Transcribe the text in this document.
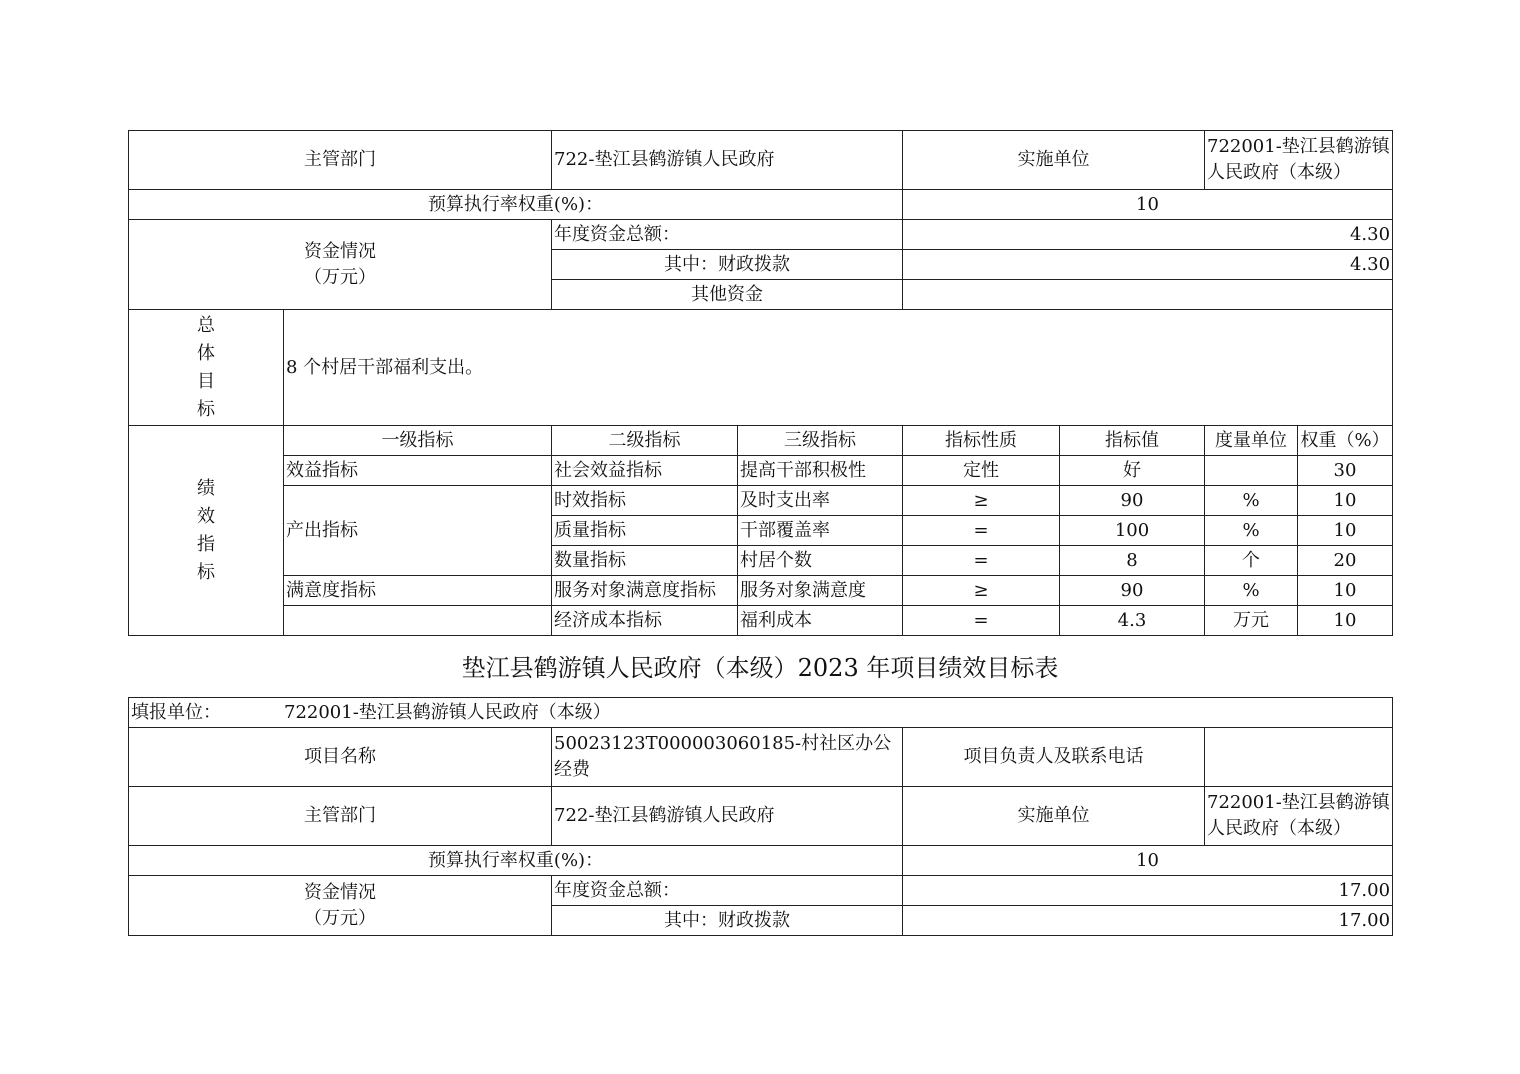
主管部门		722-垫江县鹤游镇人民政府		实施单位		722001-垫江县鹤游镇人民政府（本级）	
预算执行率权重(%)：				10			

资金情况
（万元）		年度资金总额：		4.30			
		其中：财政拨款		4.30			
		其他资金					

总
体
目
标	8 个村居干部福利支出。						

绩
效
指
标	一级指标	二级指标	三级指标	指标性质	指标值	度量单位	权重（%）
	效益指标	社会效益指标	提高干部积极性	定性	好		30
	产出指标	时效指标	及时支出率	≥	90	%	10
		质量指标	干部覆盖率	=	100	%	10
		数量指标	村居个数	=	8	个	20
	满意度指标	服务对象满意度指标	服务对象满意度	≥	90	%	10
		经济成本指标	福利成本	=	4.3	万元	10
垫江县鹤游镇人民政府（本级）2023 年项目绩效目标表
填报单位： 722001-垫江县鹤游镇人民政府（本级）			
项目名称	50023123T000003060185-村社区办公经费	项目负责人及联系电话	
主管部门	722-垫江县鹤游镇人民政府	实施单位	722001-垫江县鹤游镇人民政府（本级）
预算执行率权重(%)：		10	

资金情况
（万元）	年度资金总额：	17.00	
	其中：财政拨款	17.00	
